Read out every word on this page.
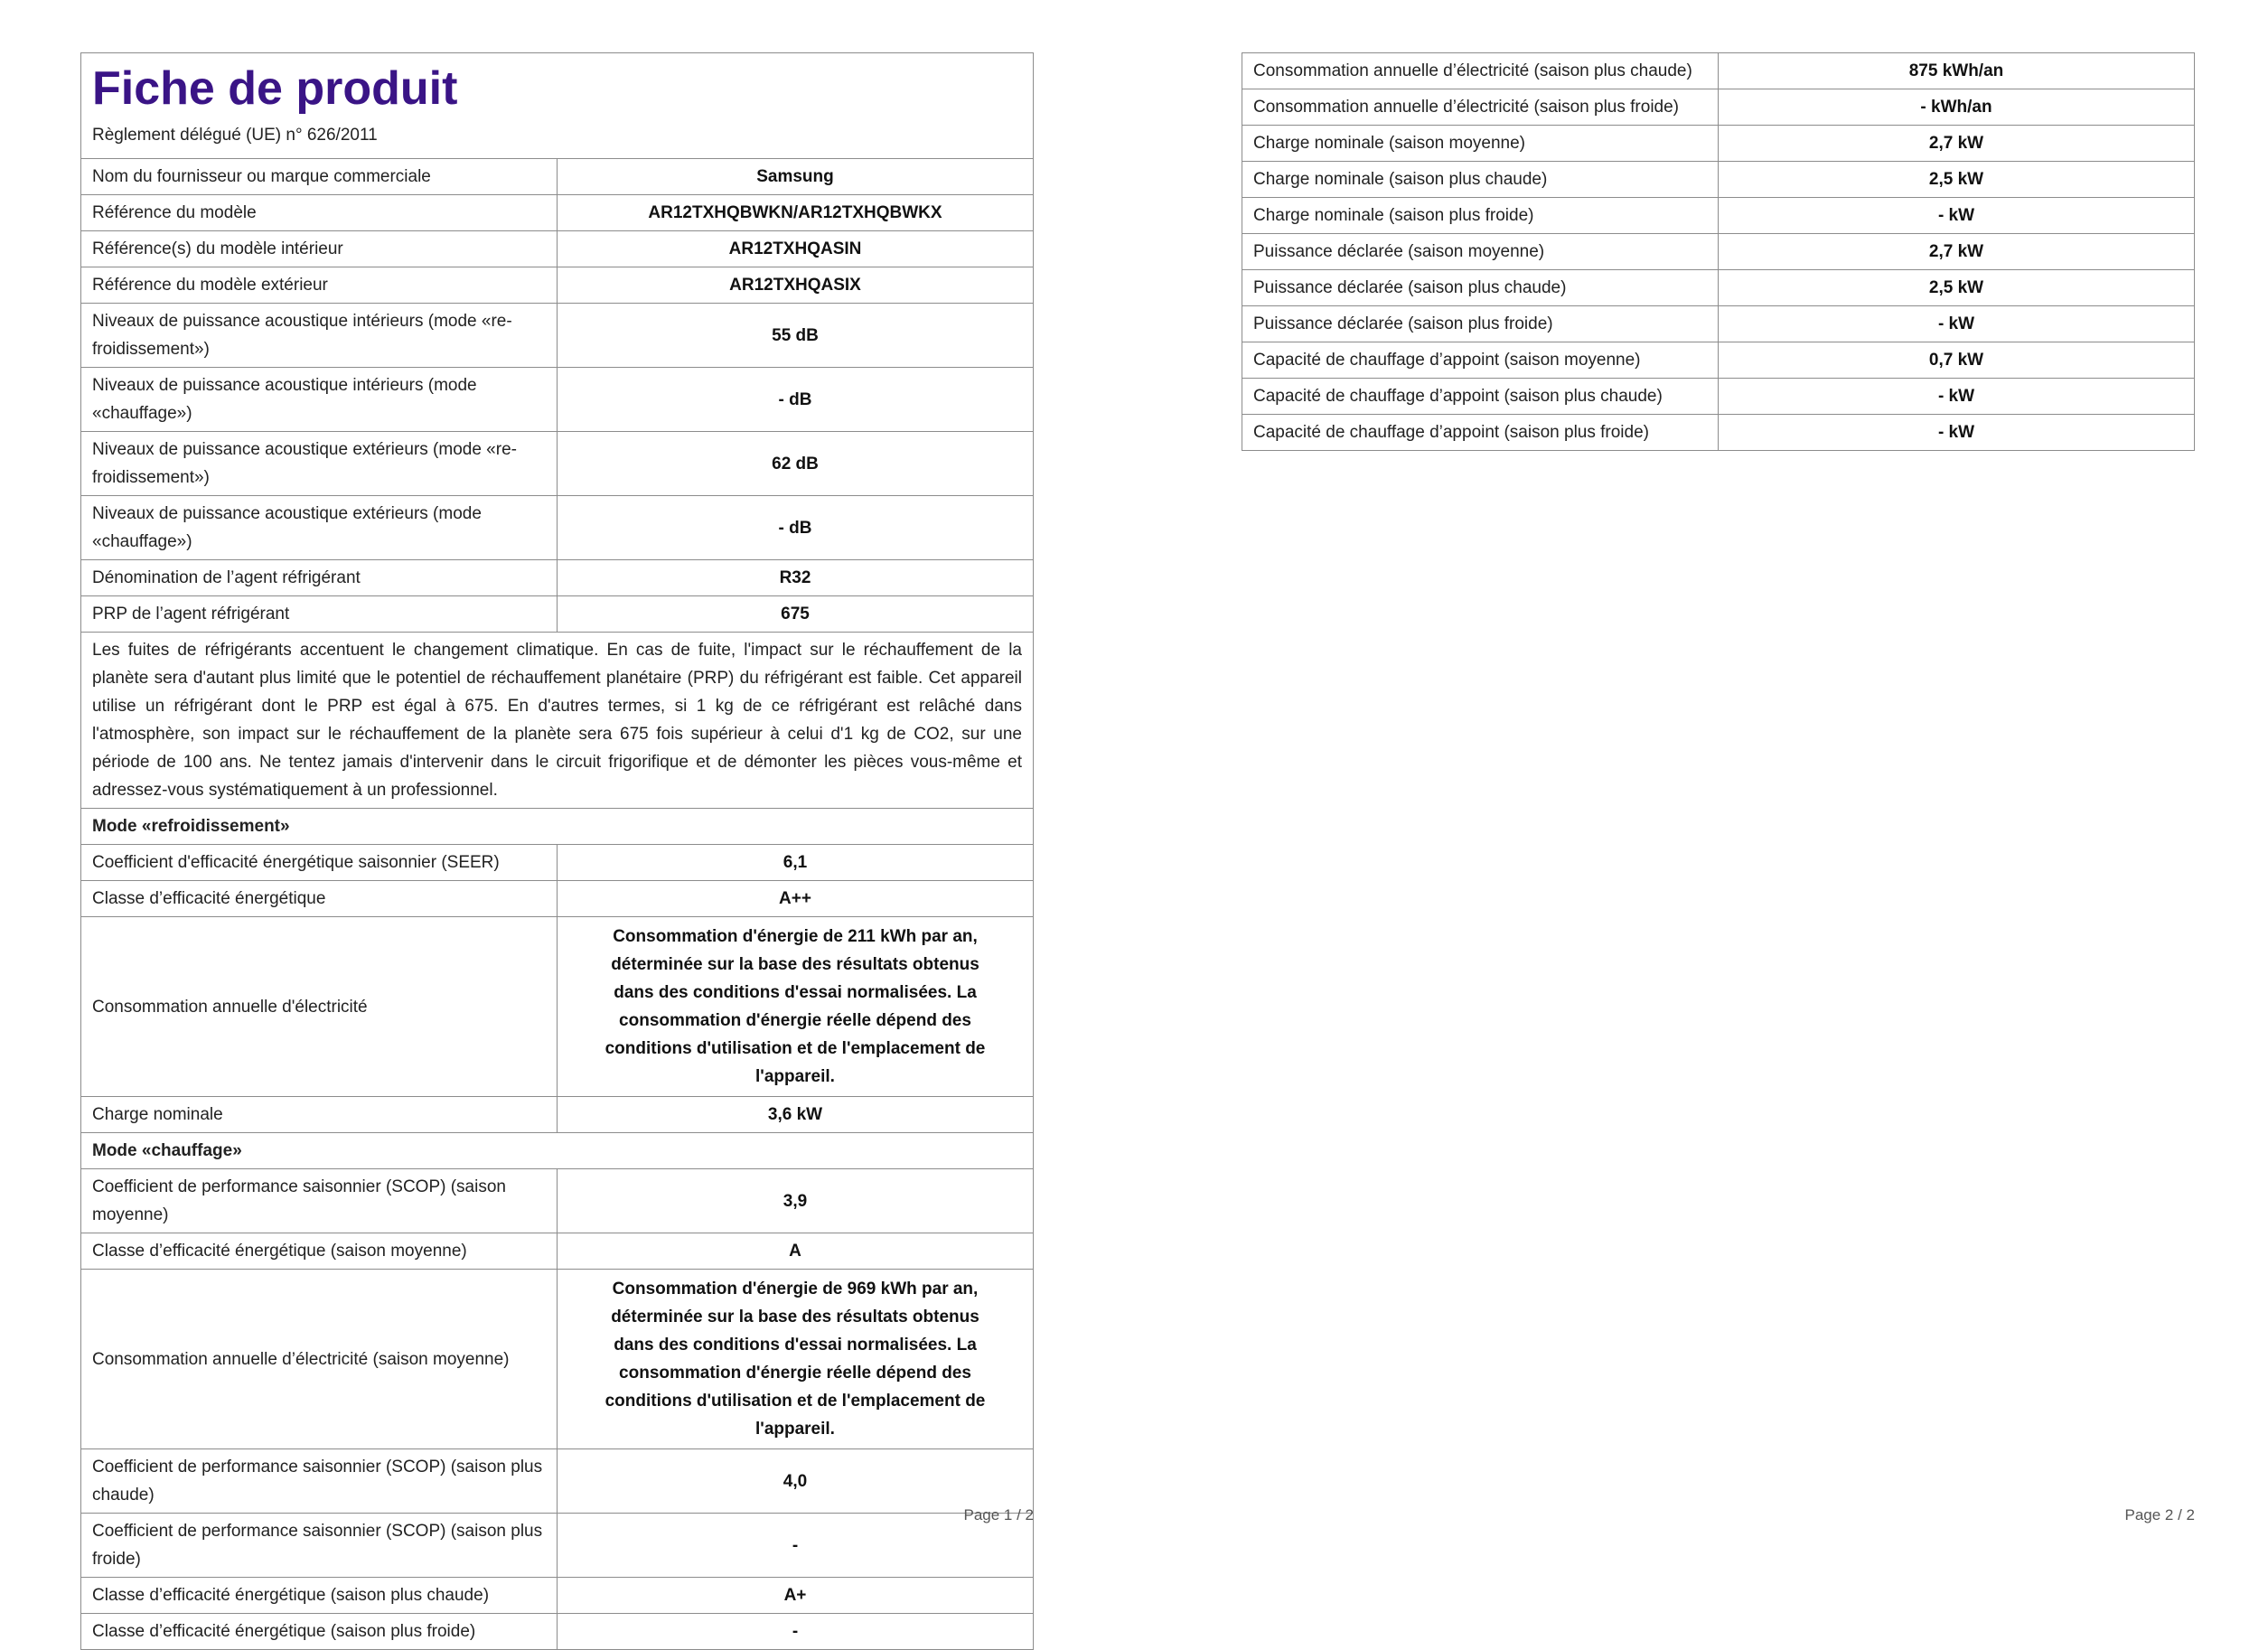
Fiche de produit
Règlement délégué (UE) n° 626/2011	

Nom du fournisseur ou marque commerciale	Samsung
Référence du modèle	AR12TXHQBWKN/AR12TXHQBWKX
Référence(s) du modèle intérieur	AR12TXHQASIN
Référence du modèle extérieur	AR12TXHQASIX
Niveaux de puissance acoustique intérieurs (mode «re-froidissement»)	55 dB
Niveaux de puissance acoustique intérieurs (mode «chauffage»)	- dB
Niveaux de puissance acoustique extérieurs (mode «re-froidissement»)	62 dB
Niveaux de puissance acoustique extérieurs (mode «chauffage»)	- dB
Dénomination de l’agent réfrigérant	R32
PRP de l’agent réfrigérant	675
Les fuites de réfrigérants accentuent le changement climatique. En cas de fuite, l'impact sur le réchauffement de la planète sera d'autant plus limité que le potentiel de réchauffement planétaire (PRP) du réfrigérant est faible. Cet appareil utilise un réfrigérant dont le PRP est égal à 675. En d'autres termes, si 1 kg de ce réfrigérant est relâché dans l'atmosphère, son impact sur le réchauffement de la planète sera 675 fois supérieur à celui d'1 kg de CO2, sur une période de 100 ans. Ne tentez jamais d'intervenir dans le circuit frigorifique et de démonter les pièces vous-même et adressez-vous systématiquement à un professionnel.	
Mode «refroidissement»	
Coefficient d'efficacité énergétique saisonnier (SEER)	6,1
Classe d’efficacité énergétique	A++
Consommation annuelle d'électricité	Consommation d'énergie de 211 kWh par an, déterminée sur la base des résultats obtenus dans des conditions d'essai normalisées. La consommation d'énergie réelle dépend des conditions d'utilisation et de l'emplacement de l'appareil.
Charge nominale	3,6 kW
Mode «chauffage»	
Coefficient de performance saisonnier (SCOP) (saison moyenne)	3,9
Classe d’efficacité énergétique (saison moyenne)	A
Consommation annuelle d’électricité (saison moyenne)	Consommation d'énergie de 969 kWh par an, déterminée sur la base des résultats obtenus dans des conditions d'essai normalisées. La consommation d'énergie réelle dépend des conditions d'utilisation et de l'emplacement de l'appareil.
Coefficient de performance saisonnier (SCOP) (saison plus chaude)	4,0
Coefficient de performance saisonnier (SCOP) (saison plus froide)	-
Classe d’efficacité énergétique (saison plus chaude)	A+
Classe d’efficacité énergétique (saison plus froide)	-
Page 1 / 2
Consommation annuelle d’électricité (saison plus chaude)	875 kWh/an
Consommation annuelle d’électricité (saison plus froide)	- kWh/an
Charge nominale (saison moyenne)	2,7 kW
Charge nominale (saison plus chaude)	2,5 kW
Charge nominale (saison plus froide)	- kW
Puissance déclarée (saison moyenne)	2,7 kW
Puissance déclarée (saison plus chaude)	2,5 kW
Puissance déclarée (saison plus froide)	- kW
Capacité de chauffage d’appoint (saison moyenne)	0,7 kW
Capacité de chauffage d’appoint (saison plus chaude)	- kW
Capacité de chauffage d’appoint (saison plus froide)	- kW
Page 2 / 2
